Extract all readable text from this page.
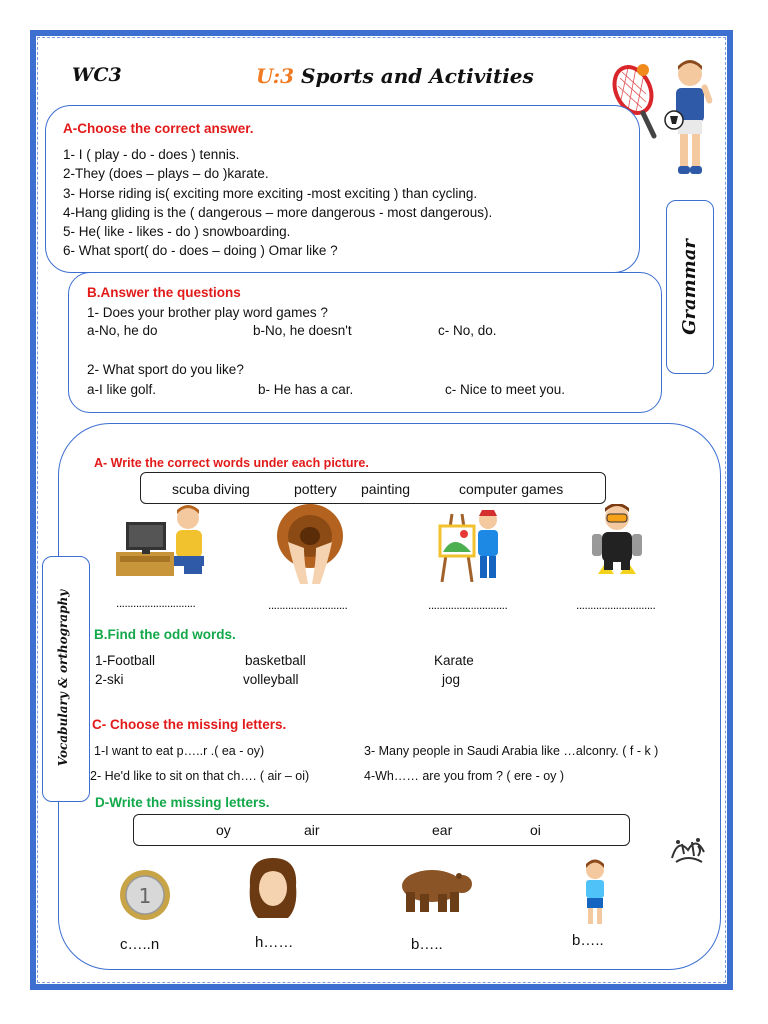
WC3	U:3 Sports and Activities
A-Choose the correct answer.
1- I ( play - do - does ) tennis.
2-They (does – plays – do )karate.
3- Horse riding is( exciting more exciting -most exciting ) than cycling.
4-Hang gliding is the ( dangerous – more dangerous - most dangerous).
5- He( like - likes - do ) snowboarding.
6- What sport( do - does – doing ) Omar like ?	Grammar
B.Answer the questions
1- Does your brother play word games ?
a-No, he do	b-No, he doesn't	c- No, do.
2- What sport do you like?
a-I like golf.	b- He has a car.	c- Nice to meet you.
Vocabulary & orthography
A- Write the correct words under each picture.
scuba diving	pottery painting	computer games
............................	............................	............................	............................
B.Find the odd words.
1-Football	basketball	Karate
2-ski	volleyball	jog
C- Choose the missing letters.
1-I want to eat p…..r .( ea - oy)	3- Many people in Saudi Arabia like …alconry. ( f - k )
2- He'd like to sit on that ch…. ( air – oi)	4-Wh…… are you from ? ( ere - oy )
D-Write the missing letters.
oy	air	ear	oi
1
c…..n	h……	b…..	b…..
